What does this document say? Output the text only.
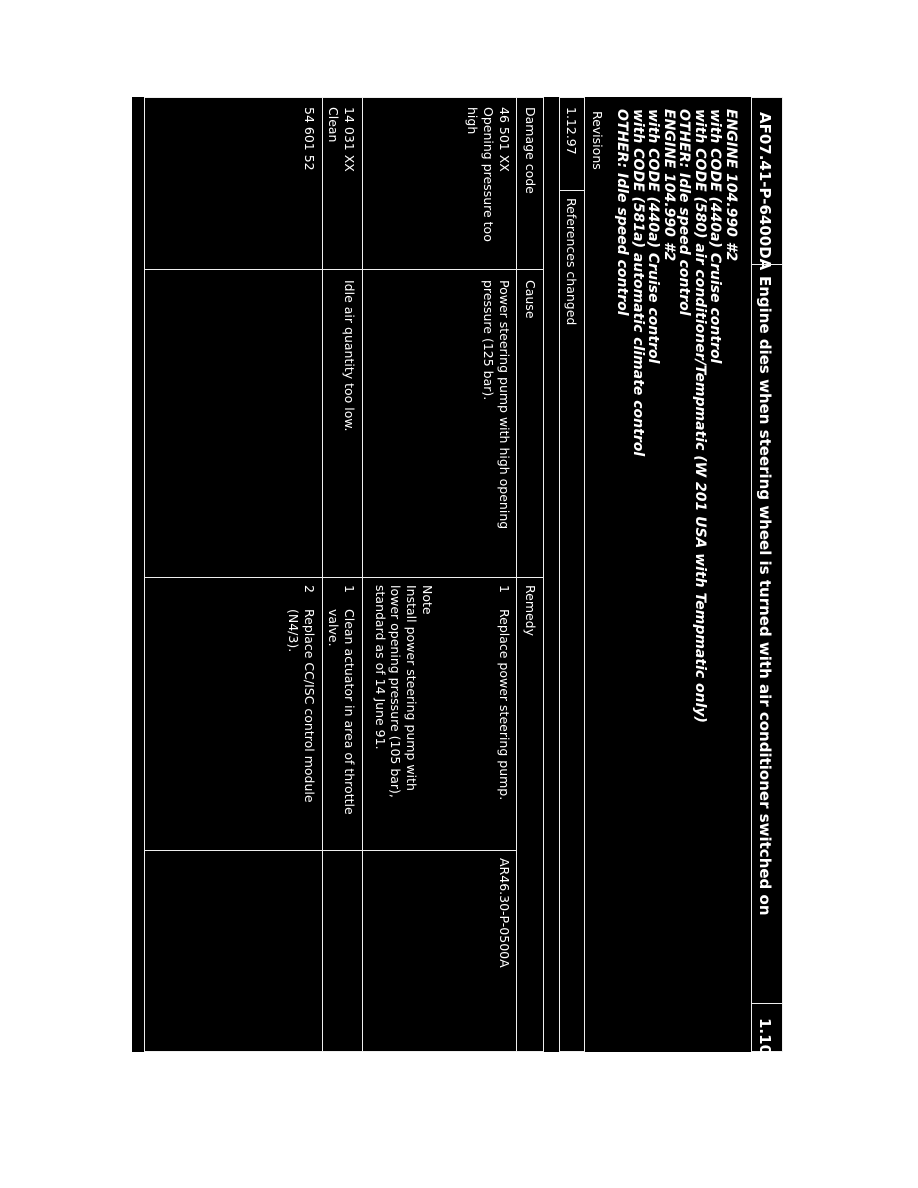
AF07.41-P-6400DA
1
AF07.41-P-6400DA
Engine dies when steering wheel is turned with air conditioner switched on
1.10.91
ENGINE 104.990 #2
with CODE (440a) Cruise control
with CODE (580) air conditioner/Tempmatic (W 201 USA with Tempmatic only)
OTHER: Idle speed control
ENGINE 104.990 #2
with CODE (440a) Cruise control
with CODE (581a) automatic climate control
OTHER: Idle speed control
Revisions
1.12.97
References changed
Damage code
Cause
Remedy
46 501 XX
Opening pressure too high
Power steering pump with high opening pressure (125 bar).
1
Replace power steering pump.
Note
Install power steering pump with lower opening pressure (105 bar), standard as of 14 June 91.
AR46.30-P-0500A
14 031 XX
Clean
Idle air quantity too low.
1
Clean actuator in area of throttle valve.
54 601 52
2
Replace CC/ISC control module (N4/3).
